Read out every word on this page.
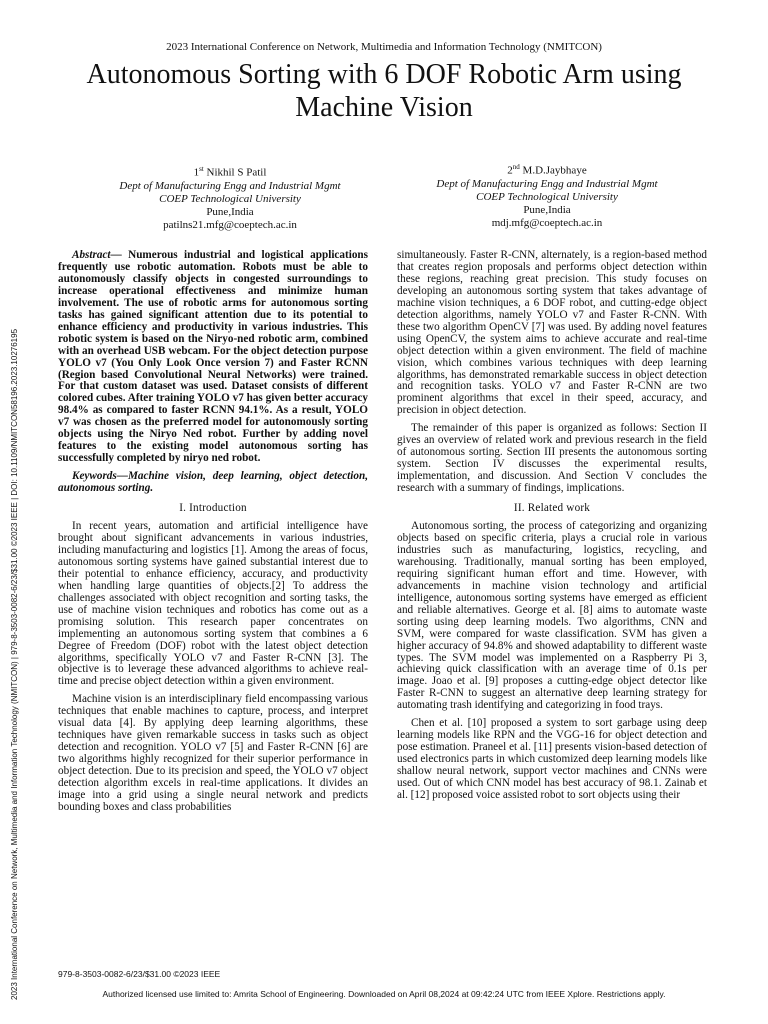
2023 International Conference on Network, Multimedia and Information Technology (NMITCON)
Autonomous Sorting with 6 DOF Robotic Arm using Machine Vision
1st Nikhil S Patil
Dept of Manufacturing Engg and Industrial Mgmt
COEP Technological University
Pune,India
patilns21.mfg@coeptech.ac.in
2nd M.D.Jaybhaye
Dept of Manufacturing Engg and Industrial Mgmt
COEP Technological University
Pune,India
mdj.mfg@coeptech.ac.in

Abstract— Numerous industrial and logistical applications frequently use robotic automation. Robots must be able to autonomously classify objects in congested surroundings to increase operational effectiveness and minimize human involvement. The use of robotic arms for autonomous sorting tasks has gained significant attention due to its potential to enhance efficiency and productivity in various industries. This robotic system is based on the Niryo-ned robotic arm, combined with an overhead USB webcam. For the object detection purpose YOLO v7 (You Only Look Once version 7) and Faster RCNN (Region based Convolutional Neural Networks) were trained. For that custom dataset was used. Dataset consists of different colored cubes. After training YOLO v7 has given better accuracy 98.4% as compared to faster RCNN 94.1%. As a result, YOLO v7 was chosen as the preferred model for autonomously sorting objects using the Niryo Ned robot. Further by adding novel features to the existing model autonomous sorting has successfully completed by niryo ned robot.

Keywords—Machine vision, deep learning, object detection, autonomous sorting.

I. Introduction

In recent years, automation and artificial intelligence have brought about significant advancements in various industries, including manufacturing and logistics [1]. Among the areas of focus, autonomous sorting systems have gained substantial interest due to their potential to enhance efficiency, accuracy, and productivity when handling large quantities of objects.[2] To address the challenges associated with object recognition and sorting tasks, the use of machine vision techniques and robotics has come out as a promising solution. This research paper concentrates on implementing an autonomous sorting system that combines a 6 Degree of Freedom (DOF) robot with the latest object detection algorithms, specifically YOLO v7 and Faster R-CNN [3]. The objective is to leverage these advanced algorithms to achieve real-time and precise object detection within a given environment.

Machine vision is an interdisciplinary field encompassing various techniques that enable machines to capture, process, and interpret visual data [4]. By applying deep learning algorithms, these techniques have given remarkable success in tasks such as object detection and recognition. YOLO v7 [5] and Faster R-CNN [6] are two algorithms highly recognized for their superior performance in object detection. Due to its precision and speed, the YOLO v7 object detection algorithm excels in real-time applications. It divides an image into a grid using a single neural network and predicts bounding boxes and class probabilities

simultaneously. Faster R-CNN, alternately, is a region-based method that creates region proposals and performs object detection within these regions, reaching great precision. This study focuses on developing an autonomous sorting system that takes advantage of machine vision techniques, a 6 DOF robot, and cutting-edge object detection algorithms, namely YOLO v7 and Faster R-CNN. With these two algorithm OpenCV [7] was used. By adding novel features using OpenCV, the system aims to achieve accurate and real-time object detection within a given environment. The field of machine vision, which combines various techniques with deep learning algorithms, has demonstrated remarkable success in object detection and recognition tasks. YOLO v7 and Faster R-CNN are two prominent algorithms that excel in their speed, accuracy, and precision in object detection.

The remainder of this paper is organized as follows: Section II gives an overview of related work and previous research in the field of autonomous sorting. Section III presents the autonomous sorting system. Section IV discusses the experimental results, implementation, and discussion. And Section V concludes the research with a summary of findings, implications.

II. Related work

Autonomous sorting, the process of categorizing and organizing objects based on specific criteria, plays a crucial role in various industries such as manufacturing, logistics, recycling, and warehousing. Traditionally, manual sorting has been employed, requiring significant human effort and time. However, with advancements in machine vision technology and artificial intelligence, autonomous sorting systems have emerged as efficient and reliable alternatives. George et al. [8] aims to automate waste sorting using deep learning models. Two algorithms, CNN and SVM, were compared for waste classification. SVM has given a higher accuracy of 94.8% and showed adaptability to different waste types. The SVM model was implemented on a Raspberry Pi 3, achieving quick classification with an average time of 0.1s per image. Joao et al. [9] proposes a cutting-edge object detector like Faster R-CNN to suggest an alternative deep learning strategy for automating trash identifying and categorizing in food trays.

Chen et al. [10] proposed a system to sort garbage using deep learning models like RPN and the VGG-16 for object detection and pose estimation. Praneel et al. [11] presents vision-based detection of used electronics parts in which customized deep learning models like shallow neural network, support vector machines and CNNs were used. Out of which CNN model has best accuracy of 98.1. Zainab et al. [12] proposed voice assisted robot to sort objects using their

2023 International Conference on Network, Multimedia and Information Technology (NMITCON) | 979-8-3503-0082-6/23/$31.00 ©2023 IEEE | DOI: 10.1109/NMITCON58196.2023.10276195	979-8-3503-0082-6/23/$31.00 ©2023 IEEE
Authorized licensed use limited to: Amrita School of Engineering. Downloaded on April 08,2024 at 09:42:24 UTC from IEEE Xplore. Restrictions apply.
